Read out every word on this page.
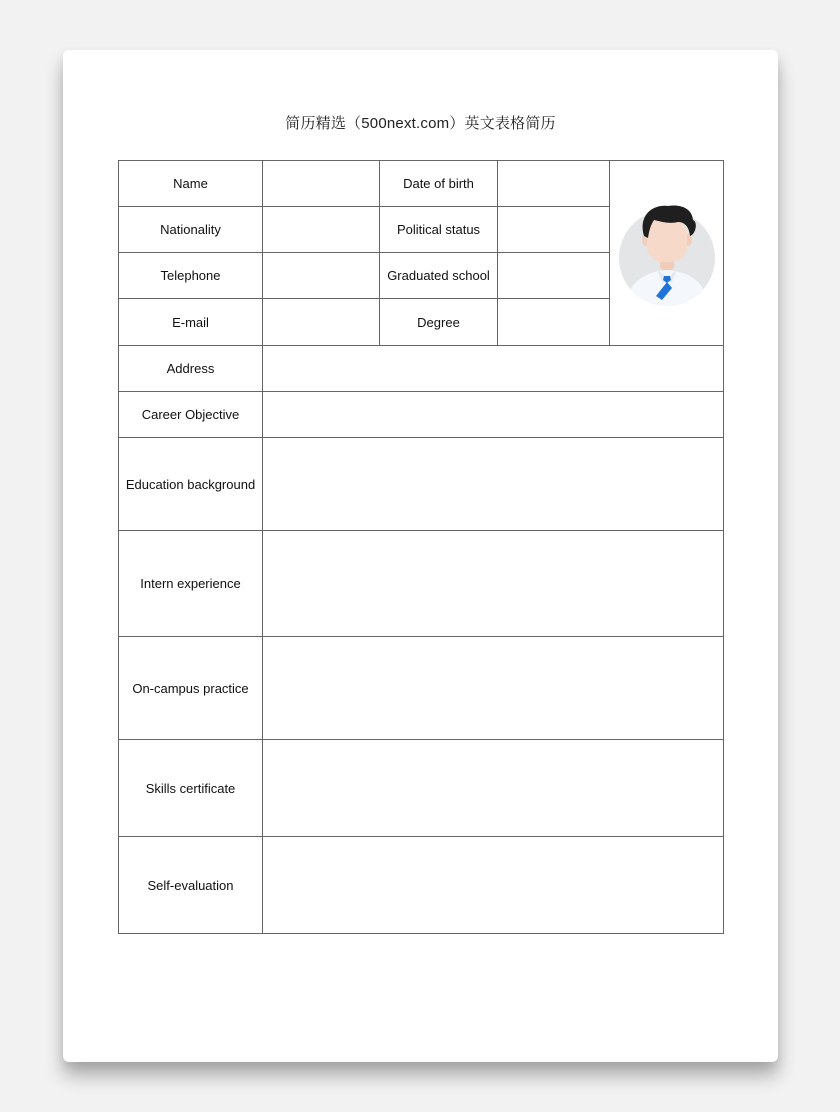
简历精选（500next.com）英文表格简历
Name		Date of birth		

Nationality		Political status		
Telephone		Graduated school		
E-mail		Degree		
Address				
Career Objective				
Education background				
Intern experience				
On-campus practice				
Skills certificate				
Self-evaluation				
